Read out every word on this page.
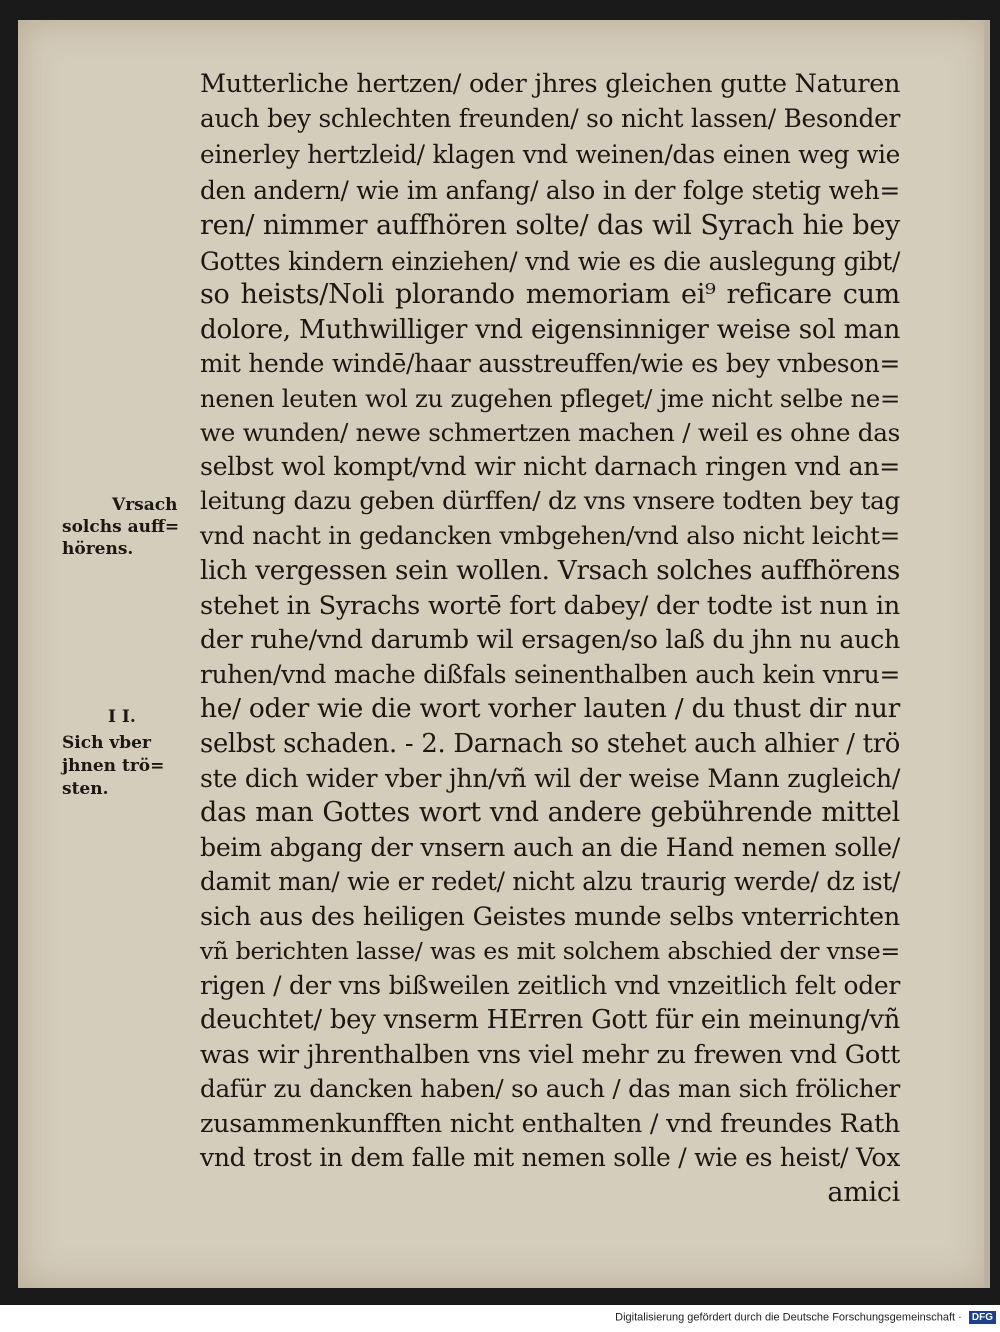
Mutterliche hertzen/ oder jhres gleichen gutte Naturen
auch bey schlechten freunden/ so nicht lassen/ Besonder
einerley hertzleid/ klagen vnd weinen/das einen weg wie
den andern/ wie im anfang/ also in der folge stetig weh=
ren/ nimmer auffhören solte/ das wil Syrach hie bey
Gottes kindern einziehen/ vnd wie es die auslegung gibt/
so heists/Noli plorando memoriam ei⁹ reficare cum
dolore, Muthwilliger vnd eigensinniger weise sol man
mit hende windē/haar ausstreuffen/wie es bey vnbeson=
nenen leuten wol zu zugehen pfleget/ jme nicht selbe ne=
we wunden/ newe schmertzen machen / weil es ohne das
selbst wol kompt/vnd wir nicht darnach ringen vnd an=
leitung dazu geben dürffen/ dz vns vnsere todten bey tag
vnd nacht in gedancken vmbgehen/vnd also nicht leicht=
lich vergessen sein wollen. Vrsach solches auffhörens
stehet in Syrachs wortē fort dabey/ der todte ist nun in
der ruhe/vnd darumb wil ersagen/so laß du jhn nu auch
ruhen/vnd mache dißfals seinenthalben auch kein vnru=
he/ oder wie die wort vorher lauten / du thust dir nur
selbst schaden. - 2. Darnach so stehet auch alhier / trö
ste dich wider vber jhn/vñ wil der weise Mann zugleich/
das man Gottes wort vnd andere gebührende mittel
beim abgang der vnsern auch an die Hand nemen solle/
damit man/ wie er redet/ nicht alzu traurig werde/ dz ist/
sich aus des heiligen Geistes munde selbs vnterrichten
vñ berichten lasse/ was es mit solchem abschied der vnse=
rigen / der vns bißweilen zeitlich vnd vnzeitlich felt oder
deuchtet/ bey vnserm HErren Gott für ein meinung/vñ
was wir jhrenthalben vns viel mehr zu frewen vnd Gott
dafür zu dancken haben/ so auch / das man sich frölicher
zusammenkunfften nicht enthalten / vnd freundes Rath
vnd trost in dem falle mit nemen solle / wie es heist/ Vox
amici
Vrsach
solchs auff=
hörens.
I I.
Sich vber
jhnen trö=
sten.
Digitalisierung gefördert durch die Deutsche Forschungsgemeinschaft · DFG
